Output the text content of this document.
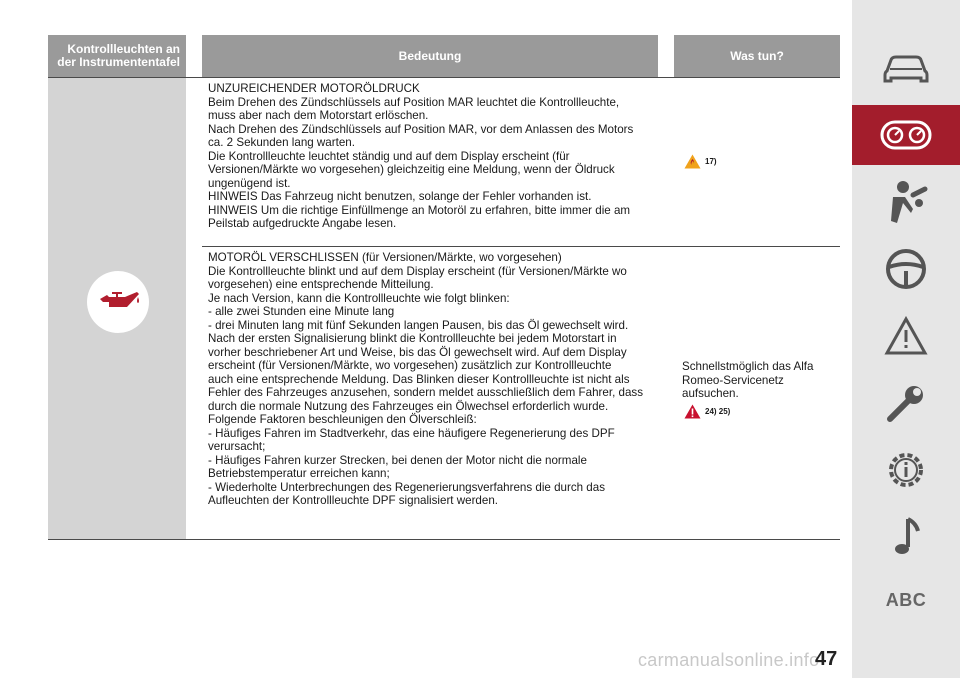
Kontrollleuchten an
der Instrumententafel	Bedeutung	Was tun?

UNZUREICHENDER MOTORÖLDRUCK

Beim Drehen des Zündschlüssels auf Position MAR leuchtet die Kontrollleuchte,

muss aber nach dem Motorstart erlöschen.

Nach Drehen des Zündschlüssels auf Position MAR, vor dem Anlassen des Motors

ca. 2 Sekunden lang warten.

Die Kontrollleuchte leuchtet ständig und auf dem Display erscheint (für

Versionen/Märkte wo vorgesehen) gleichzeitig eine Meldung, wenn der Öldruck

ungenügend ist.

HINWEIS Das Fahrzeug nicht benutzen, solange der Fehler vorhanden ist.

HINWEIS Um die richtige Einfüllmenge an Motoröl zu erfahren, bitte immer die am

Peilstab aufgedruckte Angabe lesen.

17)

MOTORÖL VERSCHLISSEN (für Versionen/Märkte, wo vorgesehen)

Die Kontrollleuchte blinkt und auf dem Display erscheint (für Versionen/Märkte wo

vorgesehen) eine entsprechende Mitteilung.

Je nach Version, kann die Kontrollleuchte wie folgt blinken:

- alle zwei Stunden eine Minute lang

- drei Minuten lang mit fünf Sekunden langen Pausen, bis das Öl gewechselt wird.

Nach der ersten Signalisierung blinkt die Kontrollleuchte bei jedem Motorstart in

vorher beschriebener Art und Weise, bis das Öl gewechselt wird. Auf dem Display

erscheint (für Versionen/Märkte, wo vorgesehen) zusätzlich zur Kontrollleuchte

auch eine entsprechende Meldung. Das Blinken dieser Kontrollleuchte ist nicht als

Fehler des Fahrzeuges anzusehen, sondern meldet ausschließlich dem Fahrer, dass

durch die normale Nutzung des Fahrzeuges ein Ölwechsel erforderlich wurde.

Folgende Faktoren beschleunigen den Ölverschleiß:

- Häufiges Fahren im Stadtverkehr, das eine häufigere Regenerierung des DPF

verursacht;

- Häufiges Fahren kurzer Strecken, bei denen der Motor nicht die normale

Betriebstemperatur erreichen kann;

- Wiederholte Unterbrechungen des Regenerierungsverfahrens die durch das

Aufleuchten der Kontrollleuchte DPF signalisiert werden.

Schnellstmöglich das Alfa
Romeo-Servicenetz
aufsuchen.
24) 25)
ABC
carmanualsonline.info
47
